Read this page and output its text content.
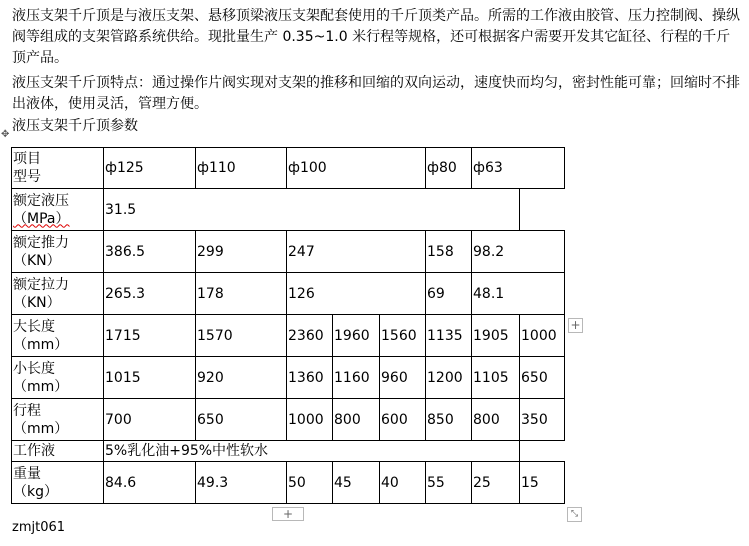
液压支架千斤顶是与液压支架、悬移顶梁液压支架配套使用的千斤顶类产品。所需的工作液由胶管、压力控制阀、操纵阀等组成的支架管路系统供给。现批量生产 0.35~1.0 米行程等规格，还可根据客户需要开发其它缸径、行程的千斤顶产品。

液压支架千斤顶特点：通过操作片阀实现对支架的推移和回缩的双向运动，速度快而均匀，密封性能可靠；回缩时不排出液体，使用灵活，管理方便。

液压支架千斤顶参数
✥
项目
型号	ф125	ф110	ф100			ф80	ф63	

额定液压
（MPa）	31.5							

额定推力
（KN）	386.5	299	247			158	98.2	

额定拉力
（KN）	265.3	178	126			69	48.1	

大长度
（mm）	1715	1570	2360	1960	1560	1135	1905	1000

小长度
（mm）	1015	920	1360	1160	960	1200	1105	650

行程
（mm）	700	650	1000	800	600	850	800	350
工作液	5%乳化油+95%中性软水							

重量
（kg）	84.6	49.3	50	45	40	55	25	15
+
+	⤡
zmjt061
